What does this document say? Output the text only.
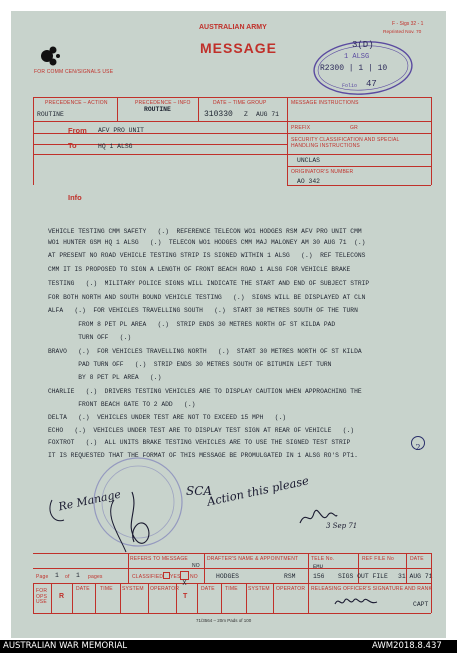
FOR COMM CEN/SIGNALS USE
AUSTRALIAN ARMY
MESSAGE
F - Sigs 32 - 1
Reprinted Nov. 70
3(D)
1 ALSG
R2300 | 1 | 10
Folio 47
PRECEDENCE – ACTION
ROUTINE
PRECEDENCE – INFO
ROUTINE
DATE – TIME GROUP
310330 Z AUG 71
MESSAGE INSTRUCTIONS
PREFIX	GR
From AFV PRO UNIT
To	HQ 1 ALSG
SECURITY CLASSIFICATION AND SPECIAL HANDLING INSTRUCTIONS
UNCLAS
ORIGINATOR'S NUMBER
AO 342
Info
VEHICLE TESTING CMM SAFETY   (.)  REFERENCE TELECON WO1 HODGES RSM AFV PRO UNIT CMM
WO1 HUNTER GSM HQ 1 ALSG   (.)  TELECON WO1 HODGES CMM MAJ MALONEY AM 30 AUG 71  (.)
AT PRESENT NO ROAD VEHICLE TESTING STRIP IS SIGNED WITHIN 1 ALSG   (.)  REF TELECONS
CMM IT IS PROPOSED TO SIGN A LENGTH OF FRONT BEACH ROAD 1 ALSG FOR VEHICLE BRAKE
TESTING   (.)  MILITARY POLICE SIGNS WILL INDICATE THE START AND END OF SUBJECT STRIP
FOR BOTH NORTH AND SOUTH BOUND VEHICLE TESTING   (.)  SIGNS WILL BE DISPLAYED AT CLN
ALFA   (.)  FOR VEHICLES TRAVELLING SOUTH   (.)  START 30 METRES SOUTH OF THE TURN
FROM 8 PET PL AREA   (.)  STRIP ENDS 30 METRES NORTH OF ST KILDA PAD
TURN OFF   (.)
BRAVO   (.)  FOR VEHICLES TRAVELLING NORTH   (.)  START 30 METRES NORTH OF ST KILDA
PAD TURN OFF   (.)  STRIP ENDS 30 METRES SOUTH OF BITUMIN LEFT TURN
BY 8 PET PL AREA   (.)
CHARLIE   (.)  DRIVERS TESTING VEHICLES ARE TO DISPLAY CAUTION WHEN APPROACHING THE
FRONT BEACH GATE TO 2 ADD   (.)
DELTA   (.)  VEHICLES UNDER TEST ARE NOT TO EXCEED 15 MPH   (.)
ECHO   (.)  VEHICLES UNDER TEST ARE TO DISPLAY TEST SIGN AT REAR OF VEHICLE   (.)
FOXTROT   (.)  ALL UNITS BRAKE TESTING VEHICLES ARE TO USE THE SIGNED TEST STRIP
IT IS REQUESTED THAT THE FORMAT OF THIS MESSAGE BE PROMULGATED IN 1 ALSG RO'S PT1.
2
Re Manage	SCA
Action this please
3 Sep 71
REFERS TO MESSAGE
NO
DRAFTER'S NAME & APPOINTMENT
HODGES	RSM
TELE No.
EMU
156
REF FILE No
SIGS OUT FILE
DATE
31 AUG 71
Page 1 of 1 pages	CLASSIFIED YES
X
NO
FOR OPS USE
R
DATE TIME SYSTEM OPERATOR
T
DATE TIME SYSTEM OPERATOR RELEASING OFFICER'S SIGNATURE AND RANK
CAPT
71/3564 – 20m Pads of 100
AUSTRALIAN WAR MEMORIAL	AWM2018.8.437
